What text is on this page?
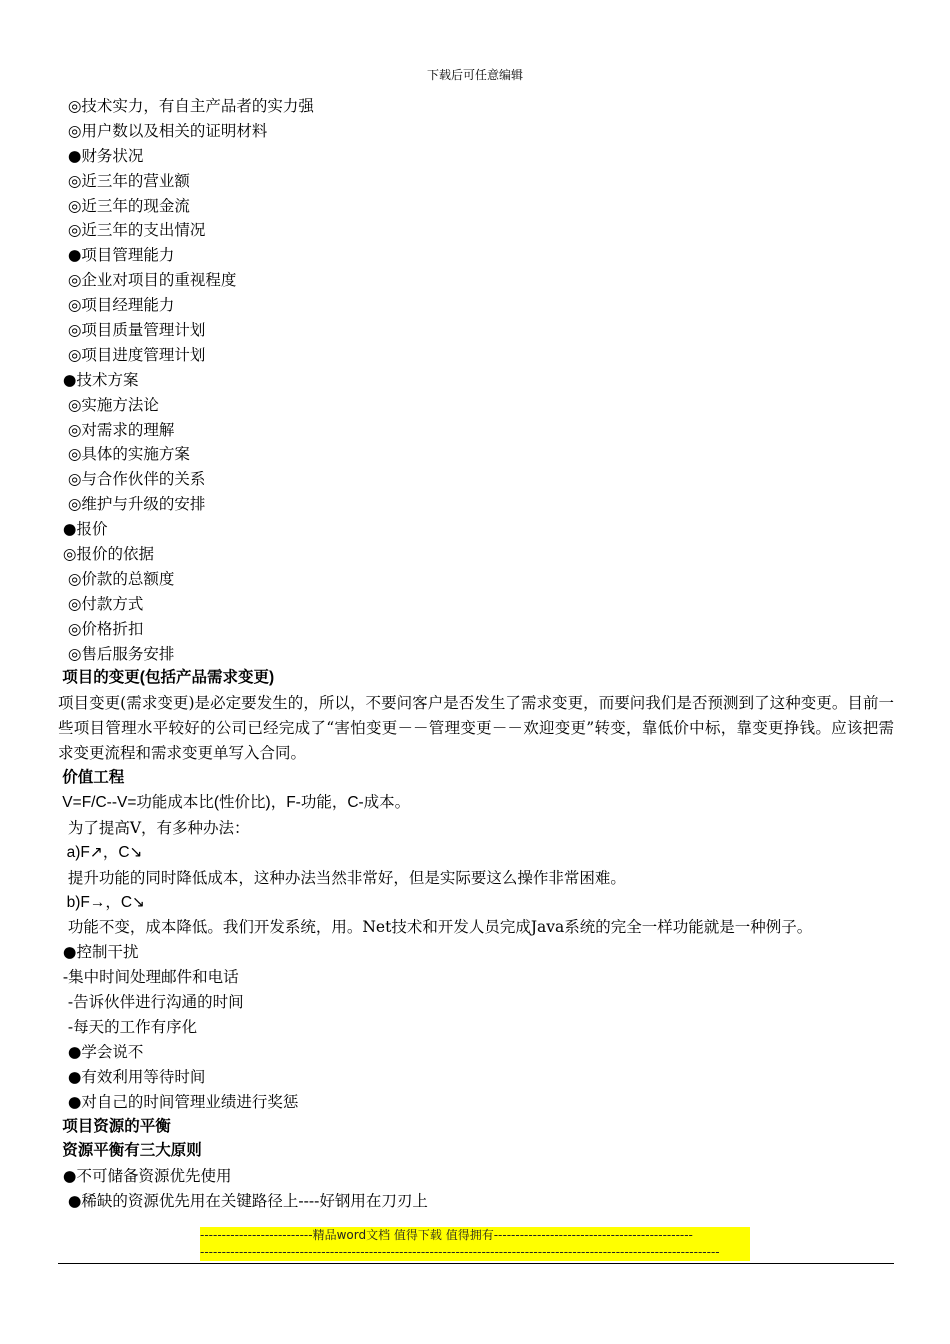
下载后可任意编辑
◎技术实力，有自主产品者的实力强
◎用户数以及相关的证明材料
●财务状况
◎近三年的营业额
◎近三年的现金流
◎近三年的支出情况
●项目管理能力
◎企业对项目的重视程度
◎项目经理能力
◎项目质量管理计划
◎项目进度管理计划
●技术方案
◎实施方法论
◎对需求的理解
◎具体的实施方案
◎与合作伙伴的关系
◎维护与升级的安排
●报价
◎报价的依据
◎价款的总额度
◎付款方式
◎价格折扣
◎售后服务安排
项目的变更(包括产品需求变更)

项目变更(需求变更)是必定要发生的，所以，不要问客户是否发生了需求变更，而要问我们是否预测到了这种变更。目前一些项目管理水平较好的公司已经完成了“害怕变更－－管理变更－－欢迎变更”转变，靠低价中标，靠变更挣钱。应该把需求变更流程和需求变更单写入合同。

价值工程
V=F/C--V=功能成本比(性价比)，F-功能，C-成本。
为了提高V，有多种办法：
a)F↗，C↘
提升功能的同时降低成本，这种办法当然非常好，但是实际要这么操作非常困难。
b)F→，C↘
功能不变，成本降低。我们开发系统，用。Net技术和开发人员完成Java系统的完全一样功能就是一种例子。
●控制干扰
-集中时间处理邮件和电话
-告诉伙伴进行沟通的时间
-每天的工作有序化
●学会说不
●有效利用等待时间
●对自己的时间管理业绩进行奖惩
项目资源的平衡
资源平衡有三大原则
●不可储备资源优先使用
●稀缺的资源优先用在关键路径上----好钢用在刀刃上
--------------------------精品word文档 值得下载 值得拥有----------------------------------------------
------------------------------------------------------------------------------------------------------------------------
